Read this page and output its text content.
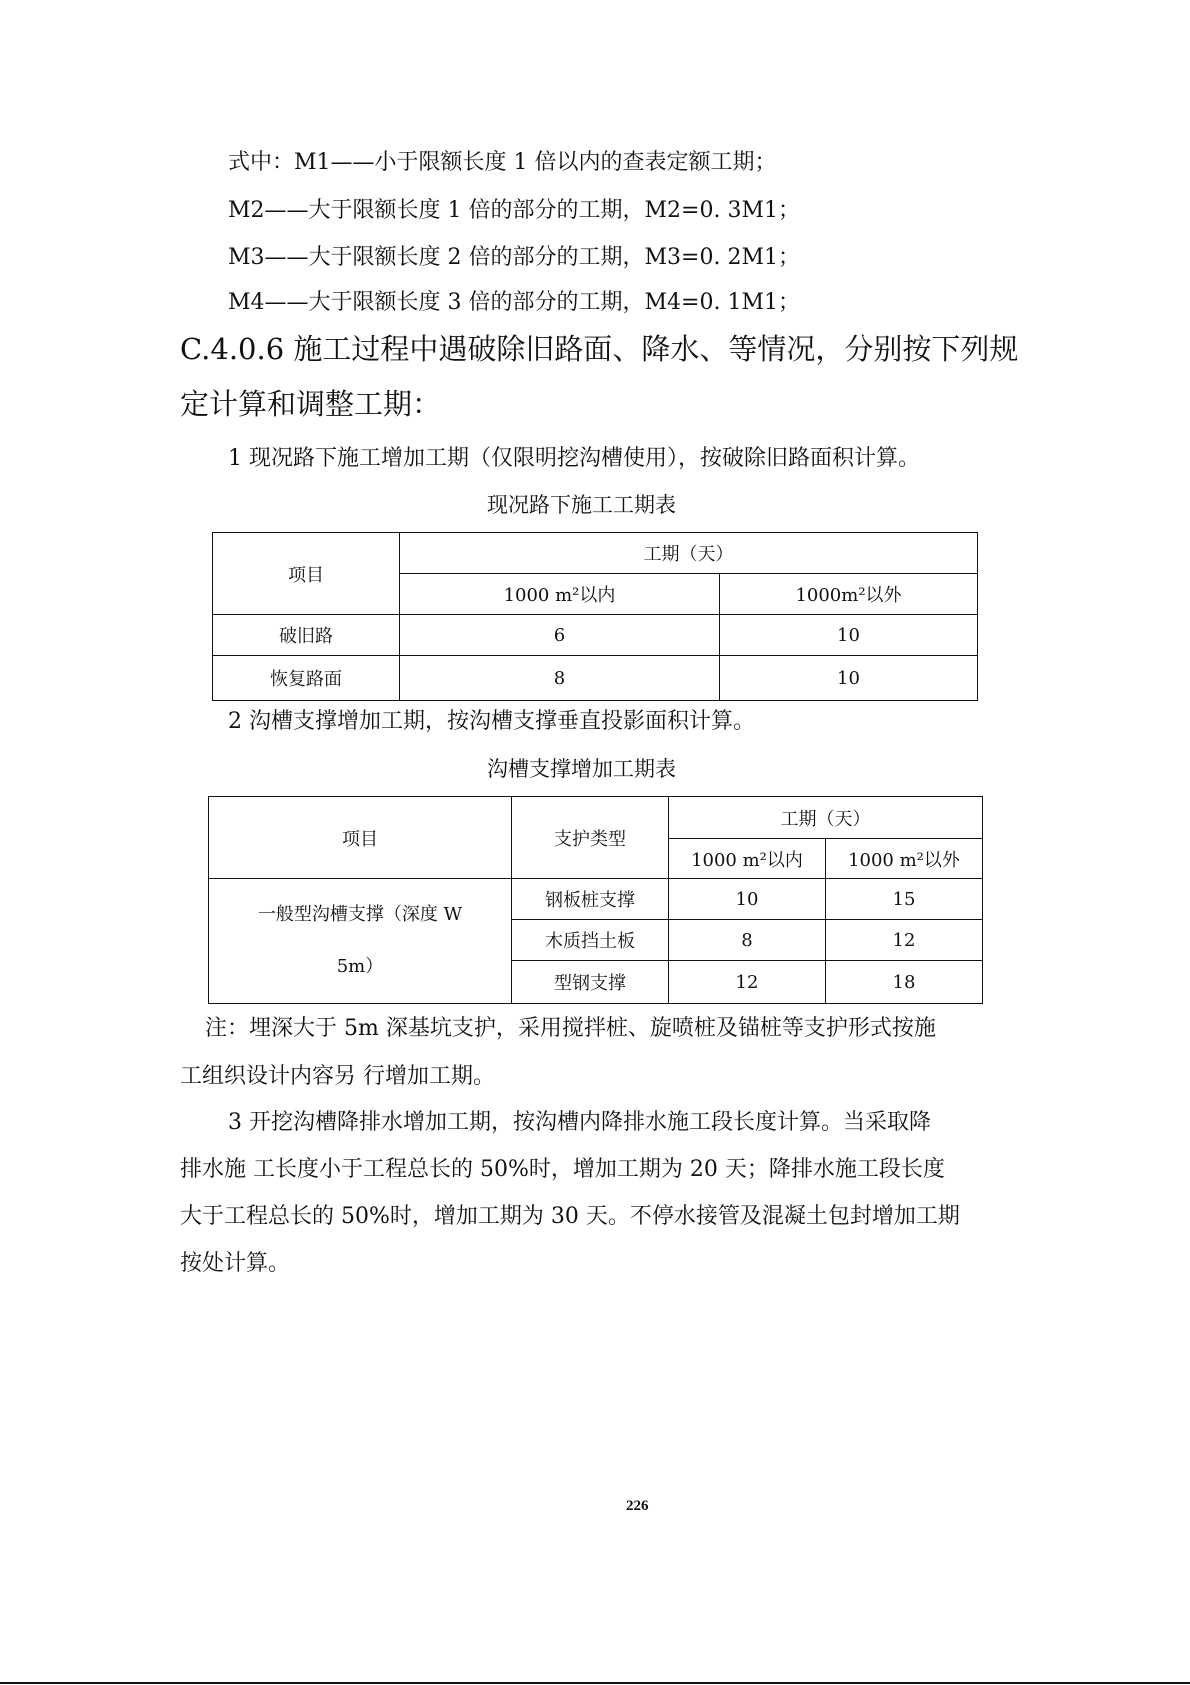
式中：M1——小于限额长度 1 倍以内的查表定额工期；
M2——大于限额长度 1 倍的部分的工期，M2=0. 3M1；
M3——大于限额长度 2 倍的部分的工期，M3=0. 2M1；
M4——大于限额长度 3 倍的部分的工期，M4=0. 1M1；
C.4.0.6 施工过程中遇破除旧路面、降水、等情况，分别按下列规
定计算和调整工期：
1 现况路下施工增加工期（仅限明挖沟槽使用），按破除旧路面积计算。
现况路下施工工期表
项目	工期（天）	
	1000 m²以内	1000m²以外
破旧路	6	10
恢复路面	8	10
2 沟槽支撑增加工期，按沟槽支撑垂直投影面积计算。
沟槽支撑增加工期表
项目	支护类型	工期（天）	
		1000 m²以内	1000 m²以外
一般型沟槽支撑（深度 W
5m）	钢板桩支撑	10	15
	木质挡土板	8	12
	型钢支撑	12	18
注：埋深大于 5m 深基坑支护，采用搅拌桩、旋喷桩及锚桩等支护形式按施
工组织设计内容另 行增加工期。
3 开挖沟槽降排水增加工期，按沟槽内降排水施工段长度计算。当采取降
排水施 工长度小于工程总长的 50%时，增加工期为 20 天；降排水施工段长度
大于工程总长的 50%时，增加工期为 30 天。不停水接管及混凝土包封增加工期
按处计算。
226
